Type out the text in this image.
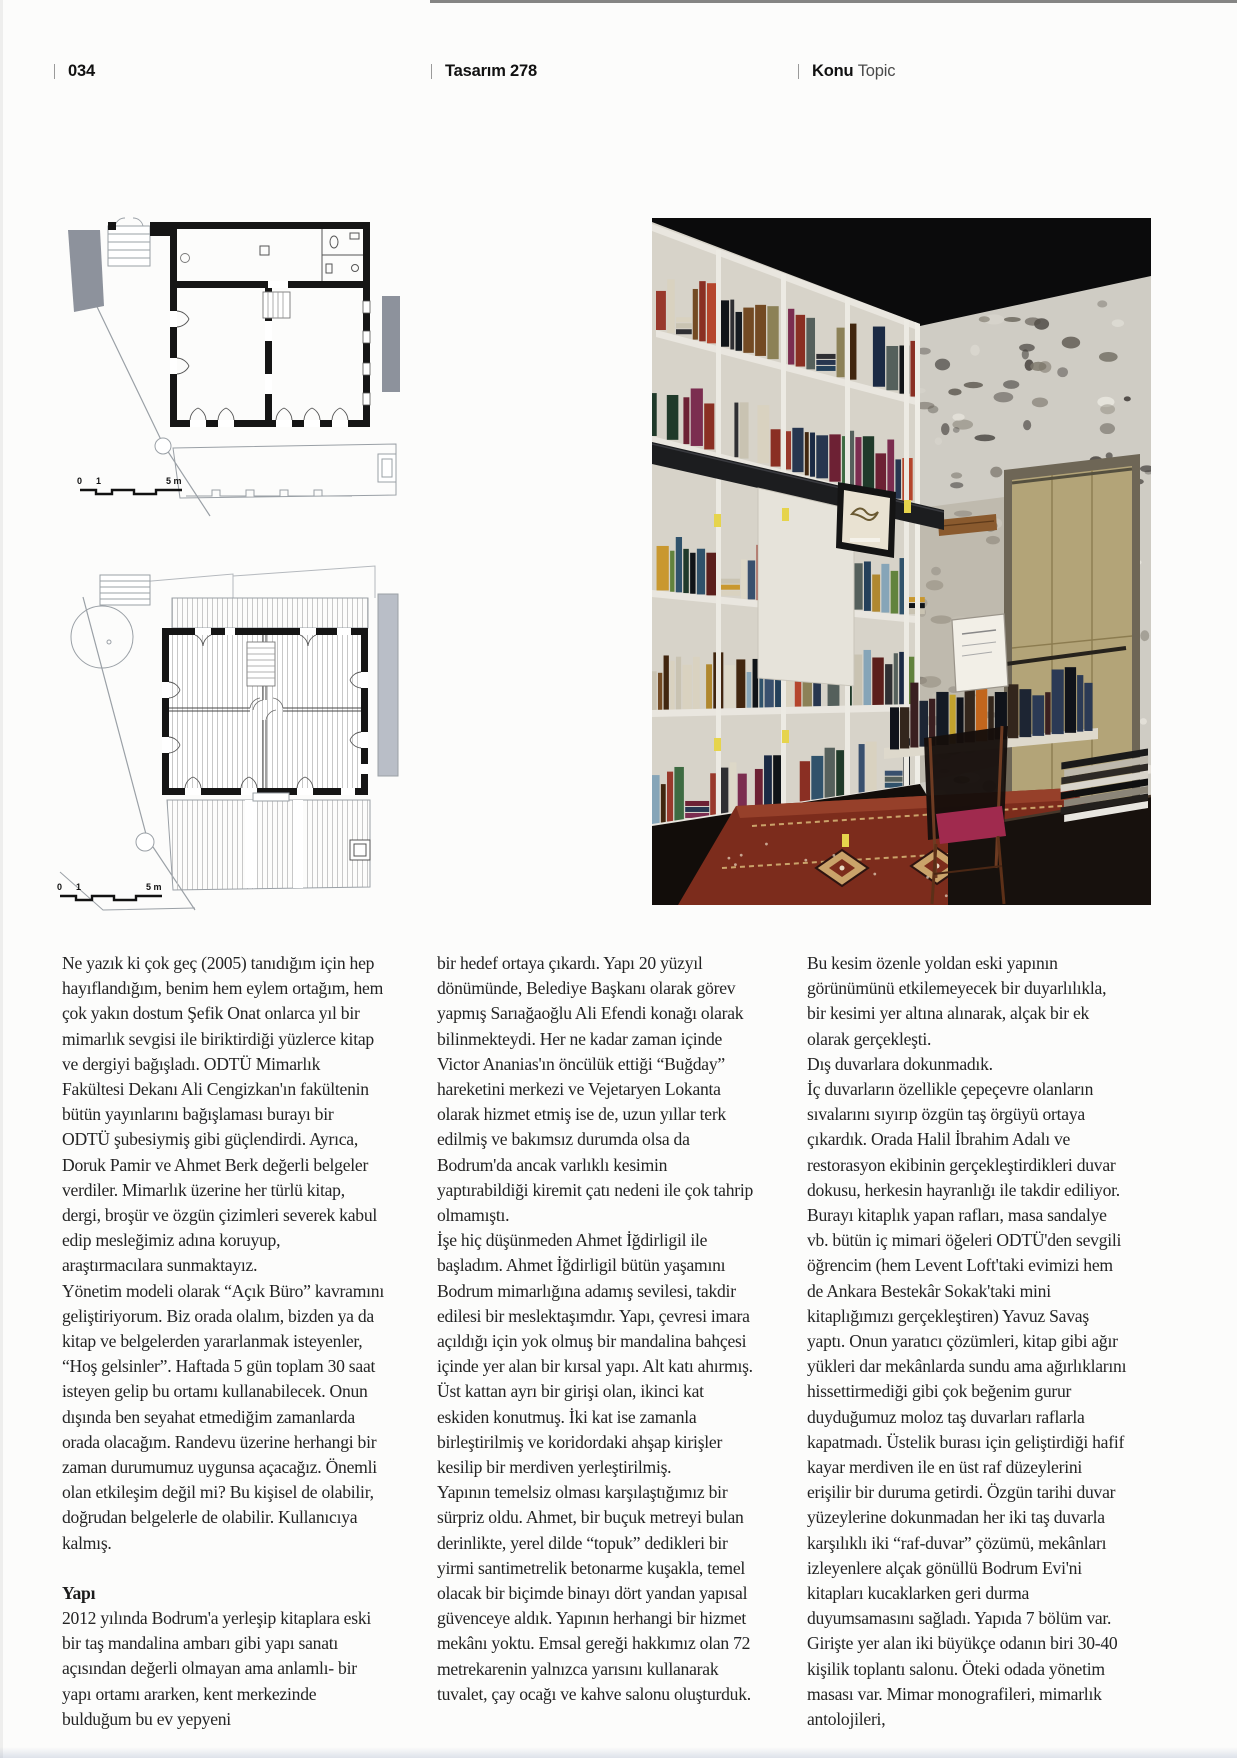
034	Tasarım 278	Konu Topic
0 1	5 m
0 1	5 m

Ne yazık ki çok geç (2005) tanıdığım için hep hayıflandığım, benim hem eylem ortağım, hem çok yakın dostum Şefik Onat onlarca yıl bir mimarlık sevgisi ile biriktirdiği yüzlerce kitap ve dergiyi bağışladı. ODTÜ Mimarlık Fakültesi Dekanı Ali Cengizkan'ın fakültenin bütün yayınlarını bağışlaması burayı bir ODTÜ şubesiymiş gibi güçlendirdi. Ayrıca, Doruk Pamir ve Ahmet Berk değerli belgeler verdiler. Mimarlık üzerine her türlü kitap, dergi, broşür ve özgün çizimleri severek kabul edip mesleğimiz adına koruyup, araştırmacılara sunmaktayız.

Yönetim modeli olarak “Açık Büro” kavramını geliştiriyorum. Biz orada olalım, bizden ya da kitap ve belgelerden yararlanmak isteyenler, “Hoş gelsinler”. Haftada 5 gün toplam 30 saat isteyen gelip bu ortamı kullanabilecek. Onun dışında ben seyahat etmediğim zamanlarda orada olacağım. Randevu üzerine herhangi bir zaman durumumuz uygunsa açacağız. Önemli olan etkileşim değil mi? Bu kişisel de olabilir, doğrudan belgelerle de olabilir. Kullanıcıya kalmış.

Yapı

2012 yılında Bodrum'a yerleşip kitaplara eski bir taş mandalina ambarı gibi yapı sanatı açısından değerli olmayan ama anlamlı- bir yapı ortamı ararken, kent merkezinde bulduğum bu ev yepyeni

bir hedef ortaya çıkardı. Yapı 20 yüzyıl dönümünde, Belediye Başkanı olarak görev yapmış Sarıağaoğlu Ali Efendi konağı olarak bilinmekteydi. Her ne kadar zaman içinde Victor Ananias'ın öncülük ettiği “Buğday” hareketini merkezi ve Vejetaryen Lokanta olarak hizmet etmiş ise de, uzun yıllar terk edilmiş ve bakımsız durumda olsa da Bodrum'da ancak varlıklı kesimin yaptırabildiği kiremit çatı nedeni ile çok tahrip olmamıştı.

İşe hiç düşünmeden Ahmet İğdirligil ile başladım. Ahmet İğdirligil bütün yaşamını Bodrum mimarlığına adamış sevilesi, takdir edilesi bir meslektaşımdır. Yapı, çevresi imara açıldığı için yok olmuş bir mandalina bahçesi içinde yer alan bir kırsal yapı. Alt katı ahırmış. Üst kattan ayrı bir girişi olan, ikinci kat eskiden konutmuş. İki kat ise zamanla birleştirilmiş ve koridordaki ahşap kirişler kesilip bir merdiven yerleştirilmiş.

Yapının temelsiz olması karşılaştığımız bir sürpriz oldu. Ahmet, bir buçuk metreyi bulan derinlikte, yerel dilde “topuk” dedikleri bir yirmi santimetrelik betonarme kuşakla, temel olacak bir biçimde binayı dört yandan yapısal güvenceye aldık. Yapının herhangi bir hizmet mekânı yoktu. Emsal gereği hakkımız olan 72 metrekarenin yalnızca yarısını kullanarak tuvalet, çay ocağı ve kahve salonu oluşturduk.

Bu kesim özenle yoldan eski yapının görünümünü etkilemeyecek bir duyarlılıkla, bir kesimi yer altına alınarak, alçak bir ek olarak gerçekleşti.

Dış duvarlara dokunmadık.

İç duvarların özellikle çepeçevre olanların sıvalarını sıyırıp özgün taş örgüyü ortaya çıkardık. Orada Halil İbrahim Adalı ve restorasyon ekibinin gerçekleştirdikleri duvar dokusu, herkesin hayranlığı ile takdir ediliyor. Burayı kitaplık yapan rafları, masa sandalye vb. bütün iç mimari öğeleri ODTÜ'den sevgili öğrencim (hem Levent Loft'taki evimizi hem de Ankara Bestekâr Sokak'taki mini kitaplığımızı gerçekleştiren) Yavuz Savaş yaptı. Onun yaratıcı çözümleri, kitap gibi ağır yükleri dar mekânlarda sundu ama ağırlıklarını hissettirmediği gibi çok beğenim gurur duyduğumuz moloz taş duvarları raflarla kapatmadı. Üstelik burası için geliştirdiği hafif kayar merdiven ile en üst raf düzeylerini erişilir bir duruma getirdi. Özgün tarihi duvar yüzeylerine dokunmadan her iki taş duvarla karşılıklı iki “raf-duvar” çözümü, mekânları izleyenlere alçak gönüllü Bodrum Evi'ni kitapları kucaklarken geri durma duyumsamasını sağladı. Yapıda 7 bölüm var. Girişte yer alan iki büyükçe odanın biri 30-40 kişilik toplantı salonu. Öteki odada yönetim masası var. Mimar monografileri, mimarlık antolojileri,
